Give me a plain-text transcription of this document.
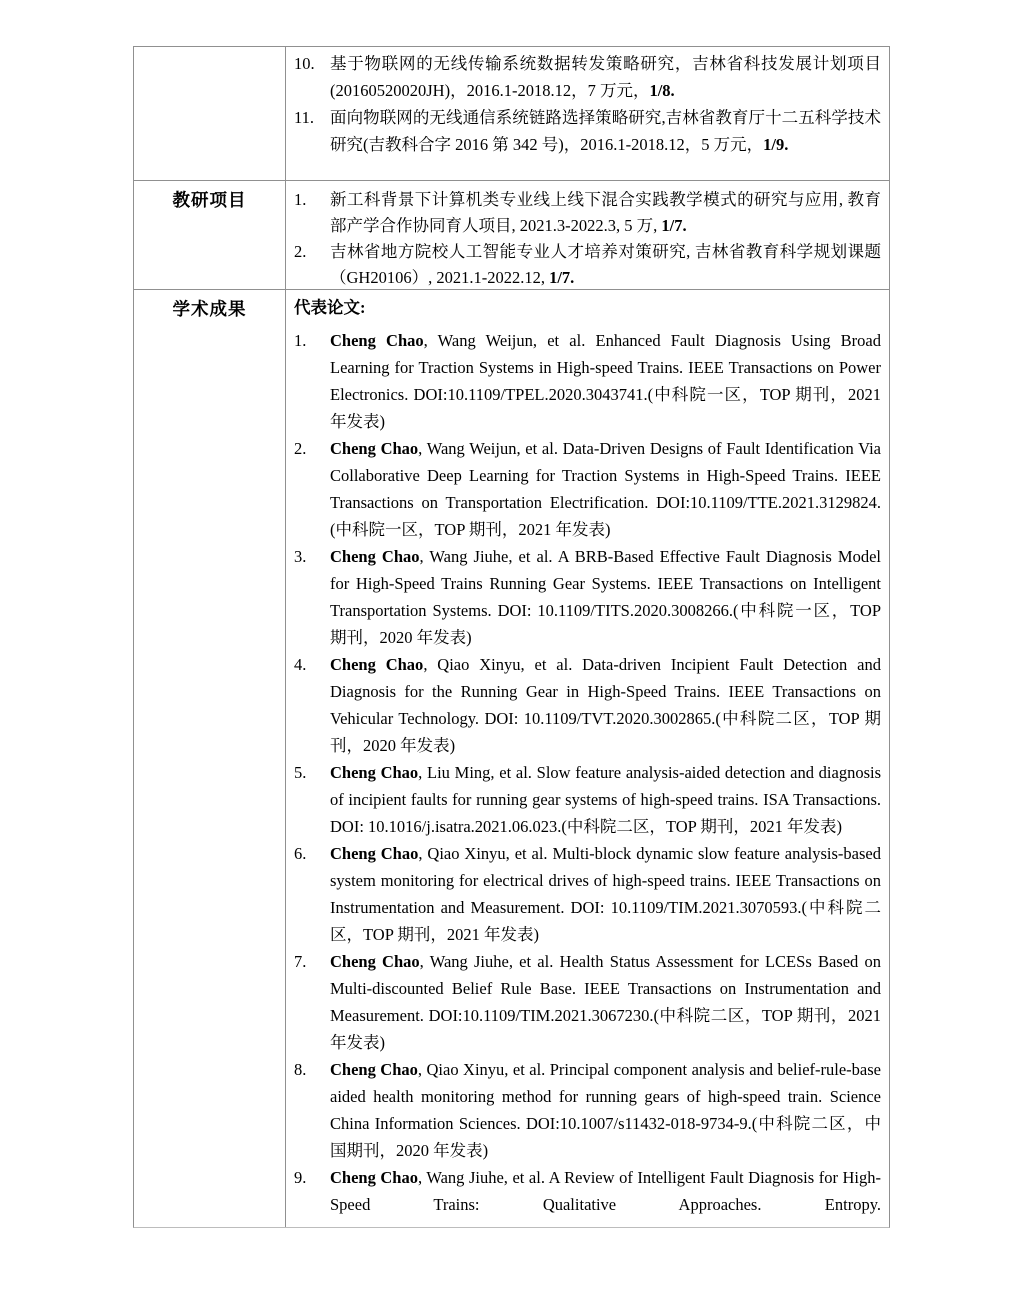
10. 基于物联网的无线传输系统数据转发策略研究，吉林省科技发展计划项目(20160520020JH)，2016.1-2018.12，7 万元，1/8.
11. 面向物联网的无线通信系统链路选择策略研究,吉林省教育厅十二五科学技术研究(吉教科合字 2016 第 342 号)，2016.1-2018.12，5 万元，1/9.
教研项目	1.	新工科背景下计算机类专业线上线下混合实践教学模式的研究与应用, 教育部产学合作协同育人项目, 2021.3-2022.3, 5 万, 1/7.
2.	吉林省地方院校人工智能专业人才培养对策研究, 吉林省教育科学规划课题（GH20106）, 2021.1-2022.12, 1/7.
学术成果	代表论文:
1.	Cheng Chao, Wang Weijun, et al. Enhanced Fault Diagnosis Using Broad Learning for Traction Systems in High-speed Trains. IEEE Transactions on Power Electronics. DOI:10.1109/TPEL.2020.3043741.(中科院一区，TOP 期刊，2021 年发表)
2.	Cheng Chao, Wang Weijun, et al. Data-Driven Designs of Fault Identification Via Collaborative Deep Learning for Traction Systems in High-Speed Trains. IEEE Transactions on Transportation Electrification. DOI:10.1109/TTE.2021.3129824.(中科院一区，TOP 期刊，2021 年发表)
3.	Cheng Chao, Wang Jiuhe, et al. A BRB-Based Effective Fault Diagnosis Model for High-Speed Trains Running Gear Systems. IEEE Transactions on Intelligent Transportation Systems. DOI: 10.1109/TITS.2020.3008266.(中科院一区，TOP 期刊，2020 年发表)
4.	Cheng Chao, Qiao Xinyu, et al. Data-driven Incipient Fault Detection and Diagnosis for the Running Gear in High-Speed Trains. IEEE Transactions on Vehicular Technology. DOI: 10.1109/TVT.2020.3002865.(中科院二区，TOP 期刊，2020 年发表)
5.	Cheng Chao, Liu Ming, et al. Slow feature analysis-aided detection and diagnosis of incipient faults for running gear systems of high-speed trains. ISA Transactions. DOI: 10.1016/j.isatra.2021.06.023.(中科院二区，TOP 期刊，2021 年发表)
6.	Cheng Chao, Qiao Xinyu, et al. Multi-block dynamic slow feature analysis-based system monitoring for electrical drives of high-speed trains. IEEE Transactions on Instrumentation and Measurement. DOI: 10.1109/TIM.2021.3070593.(中科院二区，TOP 期刊，2021 年发表)
7.	Cheng Chao, Wang Jiuhe, et al. Health Status Assessment for LCESs Based on Multi-discounted Belief Rule Base. IEEE Transactions on Instrumentation and Measurement. DOI:10.1109/TIM.2021.3067230.(中科院二区，TOP 期刊，2021 年发表)
8.	Cheng Chao, Qiao Xinyu, et al. Principal component analysis and belief-rule-base aided health monitoring method for running gears of high-speed train. Science China Information Sciences. DOI:10.1007/s11432-018-9734-9.(中科院二区，中国期刊，2020 年发表)
9.	Cheng Chao, Wang Jiuhe, et al. A Review of Intelligent Fault Diagnosis for High-Speed Trains: Qualitative Approaches. Entropy.
